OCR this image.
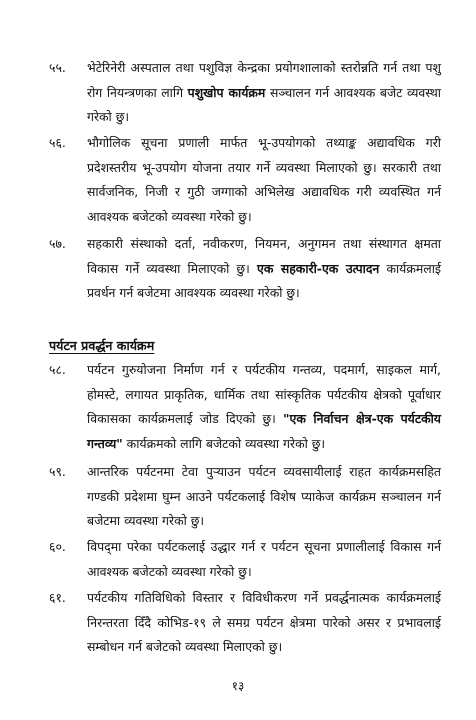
५५.	भेटेरिनेरी अस्पताल तथा पशुविज्ञ केन्द्रका प्रयोगशालाको स्तरोन्नति गर्न तथा पशु रोग नियन्त्रणका लागि पशुखोप कार्यक्रम सञ्चालन गर्न आवश्यक बजेट व्यवस्था गरेको छु।
५६.	भौगोलिक सूचना प्रणाली मार्फत भू-उपयोगको तथ्याङ्क अद्यावधिक गरी प्रदेशस्तरीय भू-उपयोग योजना तयार गर्ने व्यवस्था मिलाएको छु। सरकारी तथा सार्वजनिक, निजी र गुठी जग्गाको अभिलेख अद्यावधिक गरी व्यवस्थित गर्न आवश्यक बजेटको व्यवस्था गरेको छु।
५७.	सहकारी संस्थाको दर्ता, नवीकरण, नियमन, अनुगमन तथा संस्थागत क्षमता विकास गर्ने व्यवस्था मिलाएको छु। एक सहकारी-एक उत्पादन कार्यक्रमलाई प्रवर्धन गर्न बजेटमा आवश्यक व्यवस्था गरेको छु।
पर्यटन प्रवर्द्धन कार्यक्रम
५८.	पर्यटन गुरुयोजना निर्माण गर्न र पर्यटकीय गन्तव्य, पदमार्ग, साइकल मार्ग, होमस्टे, लगायत प्राकृतिक, धार्मिक तथा सांस्कृतिक पर्यटकीय क्षेत्रको पूर्वाधार विकासका कार्यक्रमलाई जोड दिएको छु। "एक निर्वाचन क्षेत्र-एक पर्यटकीय गन्तव्य" कार्यक्रमको लागि बजेटको व्यवस्था गरेको छु।
५९.	आन्तरिक पर्यटनमा टेवा पुर्‍याउन पर्यटन व्यवसायीलाई राहत कार्यक्रमसहित गण्डकी प्रदेशमा घुम्न आउने पर्यटकलाई विशेष प्याकेज कार्यक्रम सञ्चालन गर्न बजेटमा व्यवस्था गरेको छु।
६०.	विपद्‌मा परेका पर्यटकलाई उद्धार गर्न र पर्यटन सूचना प्रणालीलाई विकास गर्न आवश्यक बजेटको व्यवस्था गरेको छु।
६१.	पर्यटकीय गतिविधिको विस्तार र विविधीकरण गर्ने प्रवर्द्धनात्मक कार्यक्रमलाई निरन्तरता दिँदै कोभिड-१९ ले समग्र पर्यटन क्षेत्रमा पारेको असर र प्रभावलाई सम्बोधन गर्न बजेटको व्यवस्था मिलाएको छु।
१३
